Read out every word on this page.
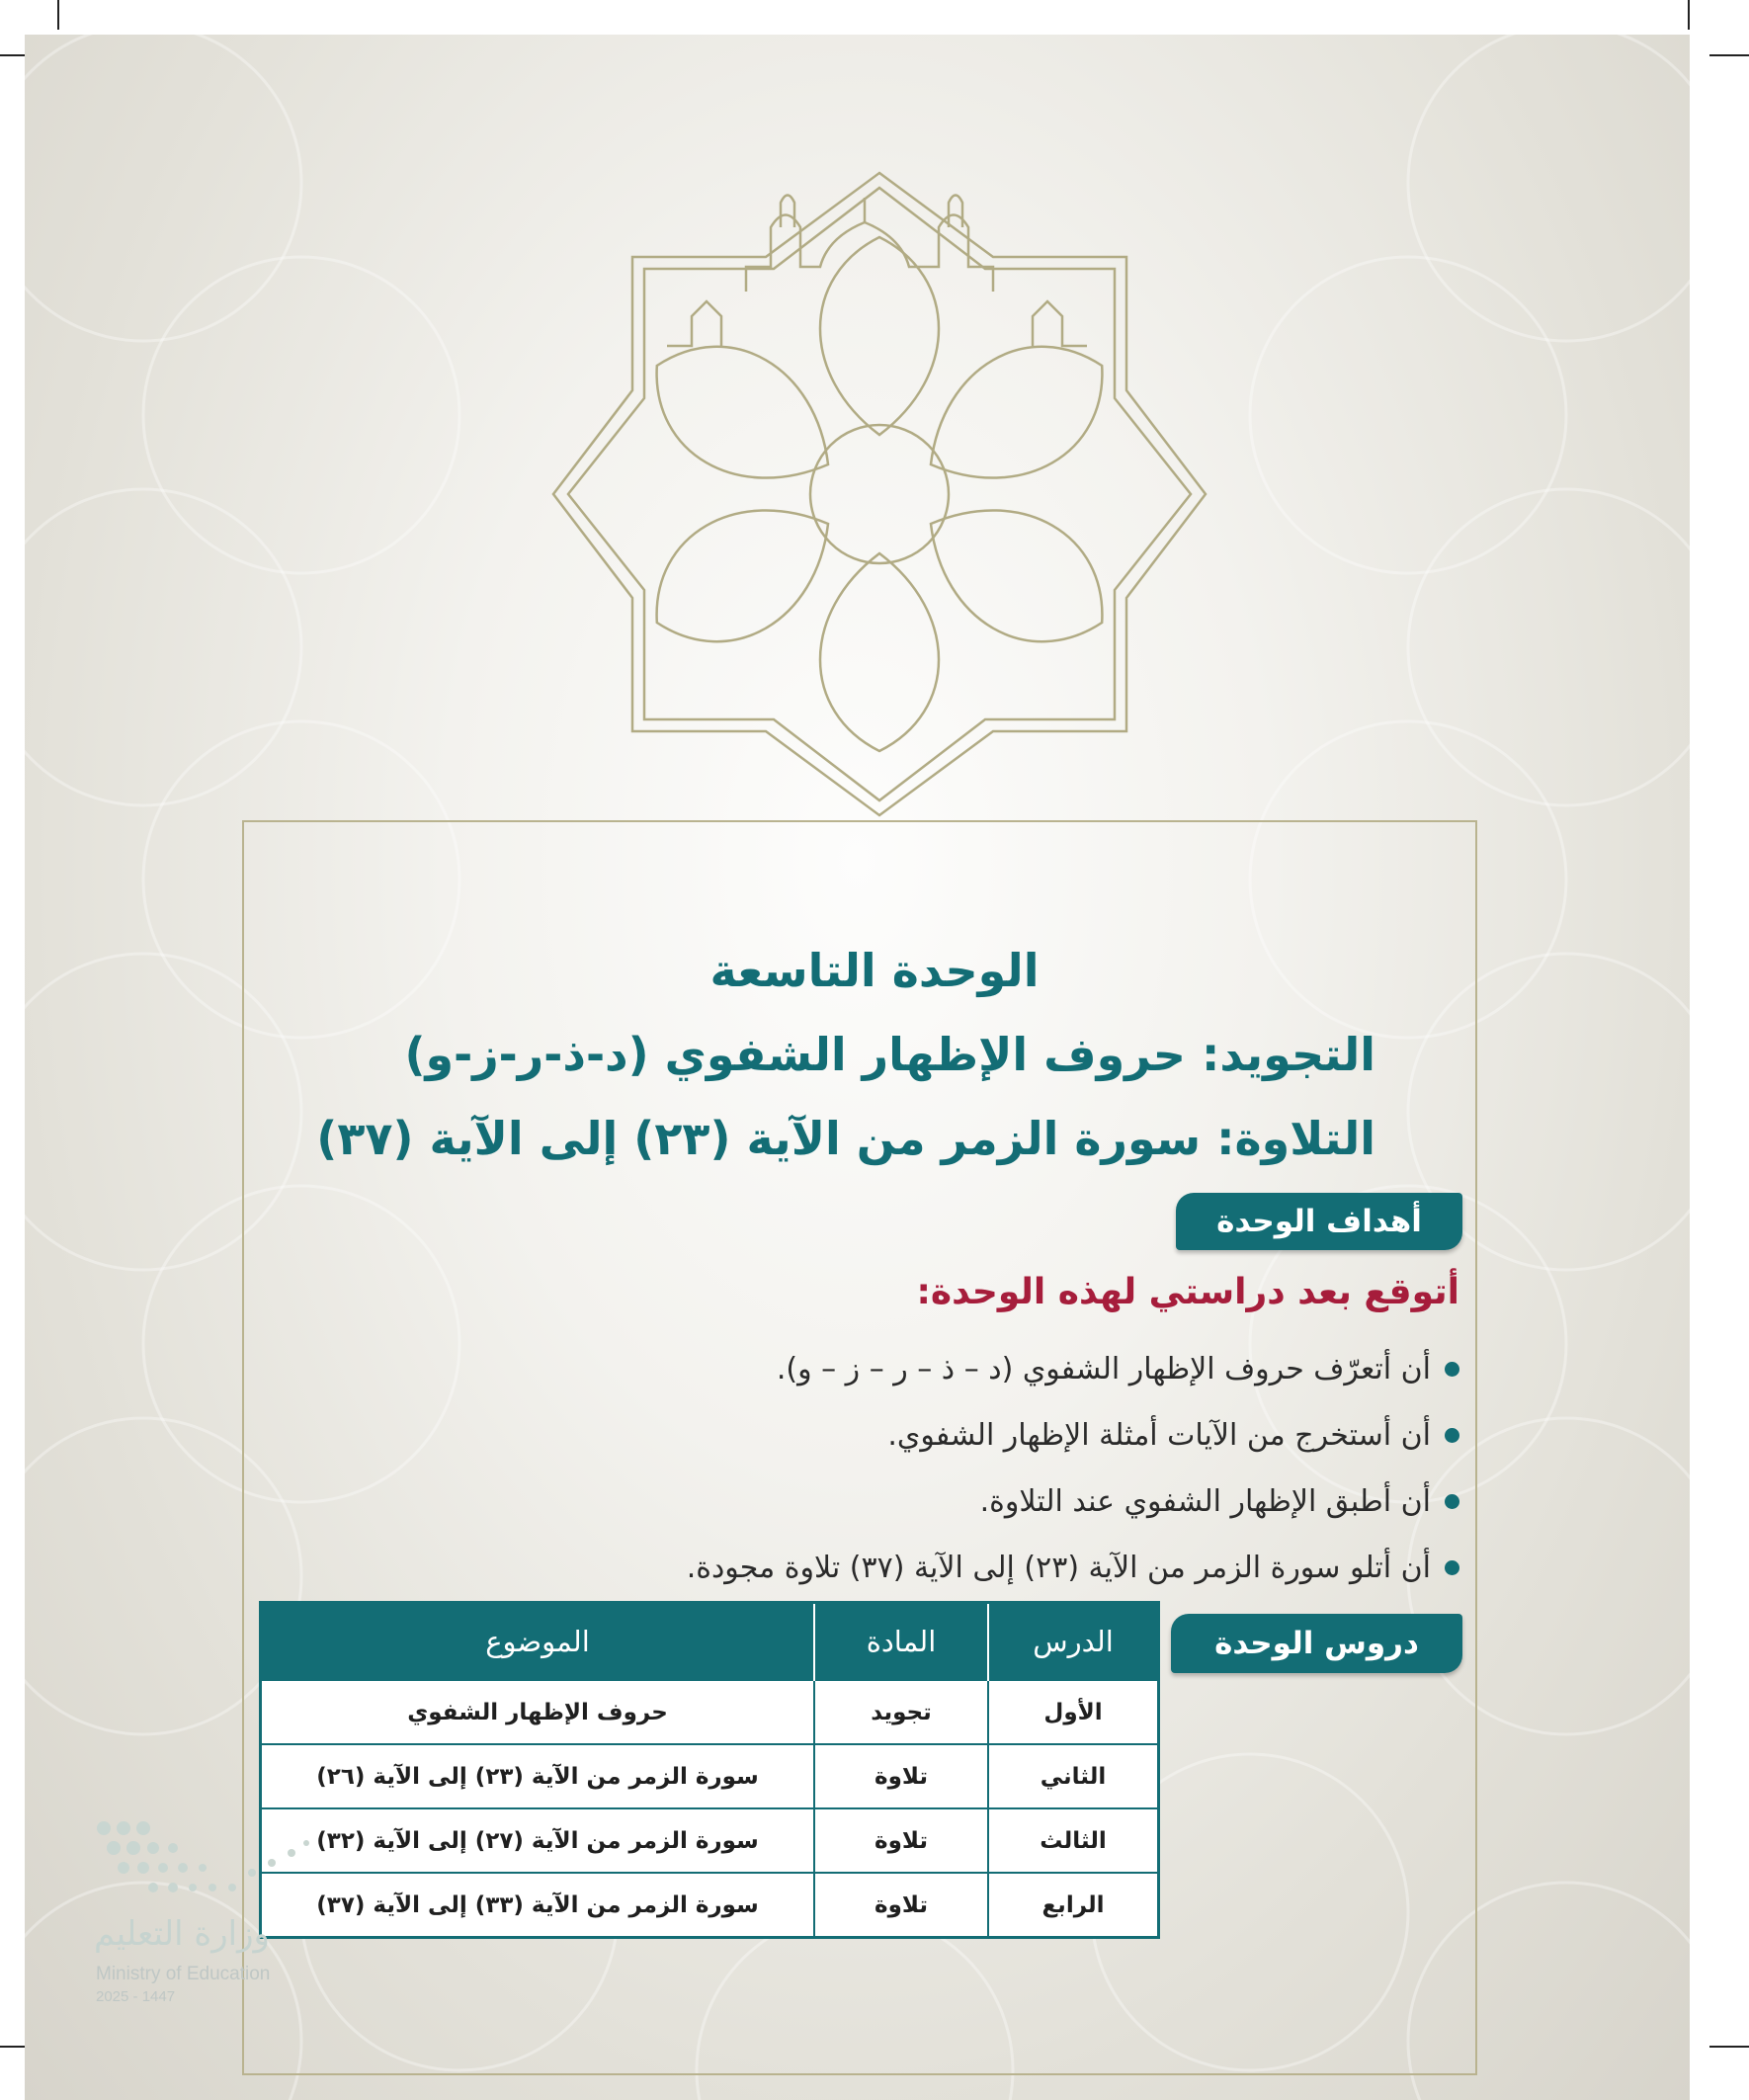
الوحدة التاسعة
التجويد: حروف الإظهار الشفوي (د-ذ-ر-ز-و)
التلاوة: سورة الزمر من الآية (٢٣) إلى الآية (٣٧)
أهداف الوحدة
أتوقع بعد دراستي لهذه الوحدة:
أن أتعرّف حروف الإظهار الشفوي (د – ذ – ر – ز – و).
أن أستخرج من الآيات أمثلة الإظهار الشفوي.
أن أطبق الإظهار الشفوي عند التلاوة.
أن أتلو سورة الزمر من الآية (٢٣) إلى الآية (٣٧) تلاوة مجودة.
دروس الوحدة
الدرس	المادة	الموضوع
الأول	تجويد	حروف الإظهار الشفوي
الثاني	تلاوة	سورة الزمر من الآية (٢٣) إلى الآية (٢٦)
الثالث	تلاوة	سورة الزمر من الآية (٢٧) إلى الآية (٣٢)
الرابع	تلاوة	سورة الزمر من الآية (٣٣) إلى الآية (٣٧)
وزارة التعليم
Ministry of Education
2025 - 1447
